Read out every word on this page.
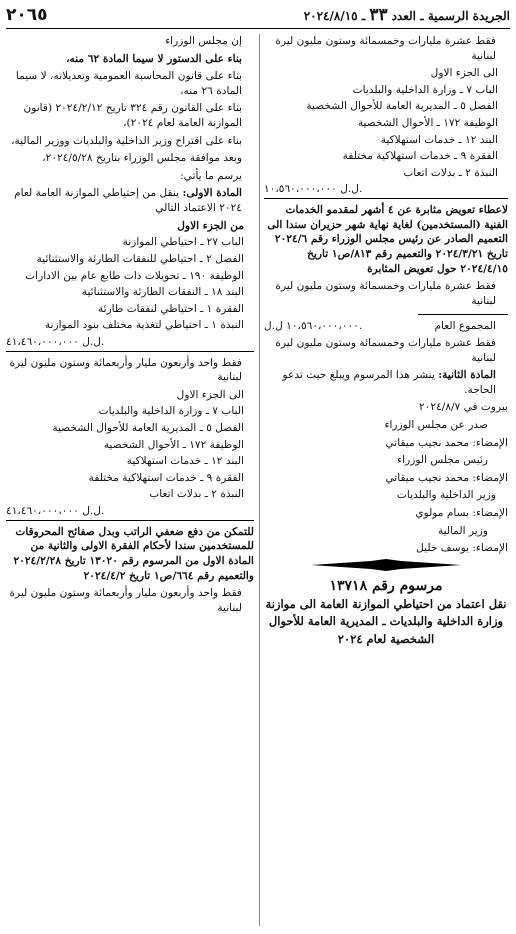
الجريدة الرسمية ـ العدد
٣٣
ـ ٢٠٢٤/٨/١٥
٢٠٦٥

فقط عشرة مليارات وخمسمائة وستون مليون ليرة لبنانية

الى الجزء الاول

الباب ٧ ـ وزارة الداخلية والبلديات

الفصل ٥ ـ المديرية العامة للأحوال الشخصية

الوظيفة ١٧٢ ـ الأحوال الشخصية

البند ١٢ ـ خدمات استهلاكية

الفقرة ٩ ـ خدمات استهلاكية مختلفة

النبذة ٢ ـ بدلات اتعاب

١٠،٥٦٠،٠٠٠،٠٠٠ ل.ل.

لاعطاء تعويض مثابرة عن ٤ أشهر لمقدمو الخدمات الفنية (المستخدمين) لغاية نهاية شهر حزيران سندا الى التعميم الصادر عن رئيس مجلس الوزراء رقم ٢٠٢٤/٦ تاريخ ٢٠٢٤/٣/٢١ والتعميم رقم ٨١٣/ص١ تاريخ ٢٠٢٤/٤/١٥ حول تعويض المثابرة

فقط عشرة مليارات وخمسمائة وستون مليون ليرة لبنانية

المجموع العام
١٠،٥٦٠،٠٠٠،٠٠٠ ل.ل.

فقط عشرة مليارات وخمسمائة وستون مليون ليرة لبنانية

المادة الثانية: ينشر هذا المرسوم ويبلغ حيث تدعو الحاجة.

بيروت في ٢٠٢٤/٨/٧

صدر عن مجلس الوزراء

الإمضاء: محمد نجيب ميقاتي

رئيس مجلس الوزراء

الإمضاء: محمد نجيب ميقاتي

وزير الداخلية والبلديات

الإمضاء: بسام مولوي

وزير المالية

الإمضاء: يوسف خليل

مرسوم رقم ١٣٧١٨
نقل اعتماد من احتياطي الموازنة العامة الى موازنة وزارة الداخلية والبلديات ـ المديرية العامة للأحوال الشخصية لعام ٢٠٢٤

إن مجلس الوزراء

بناء على الدستور لا سيما المادة ٦٢ منه،

بناء على قانون المحاسبة العمومية وتعديلاته، لا سيما المادة ٢٦ منه،

بناء على القانون رقم ٣٢٤ تاريخ ٢٠٢٤/٢/١٢ (قانون الموازنة العامة لعام ٢٠٢٤)،

بناء على اقتراح وزير الداخلية والبلديات ووزير المالية،

وبعد موافقة مجلس الوزراء بتاريخ ٢٠٢٤/٥/٢٨،

يرسم ما يأتي:

المادة الاولى: ينقل من إحتياطي الموازنة العامة لعام ٢٠٢٤ الاعتماد التالي

من الجزء الاول

الباب ٢٧ ـ احتياطي الموازنة

الفصل ٢ ـ احتياطي للنفقات الطارئة والاستثنائية

الوظيفة ١٩٠ ـ تحويلات ذات طابع عام بين الادارات

البند ١٨ ـ النفقات الطارئة والاستثنائية

الفقرة ١ ـ احتياطي لنفقات طارئة

النبذة ١ ـ احتياطي لتغذية مختلف بنود الموازنة

٤١،٤٦٠،٠٠٠،٠٠٠ ل.ل.

فقط واحد وأربعون مليار وأربعمائة وستون مليون ليرة لبنانية

الى الجزء الاول

الباب ٧ ـ وزارة الداخلية والبلديات

الفصل ٥ ـ المديرية العامة للأحوال الشخصية

الوظيفة ١٧٢ ـ الأحوال الشخصية

البند ١٢ ـ خدمات استهلاكية

الفقرة ٩ ـ خدمات استهلاكية مختلفة

النبذة ٢ ـ بدلات اتعاب

٤١،٤٦٠،٠٠٠،٠٠٠ ل.ل.

للتمكن من دفع ضعفي الراتب وبدل صفائح المحروقات للمستخدمين سندا لأحكام الفقرة الاولى والثانية من المادة الاول من المرسوم رقم ١٣٠٢٠ تاريخ ٢٠٢٤/٢/٢٨ والتعميم رقم ٦٦٤/ص١ تاريخ ٢٠٢٤/٤/٢

فقط واحد وأربعون مليار وأربعمائة وستون مليون ليرة لبنانية
